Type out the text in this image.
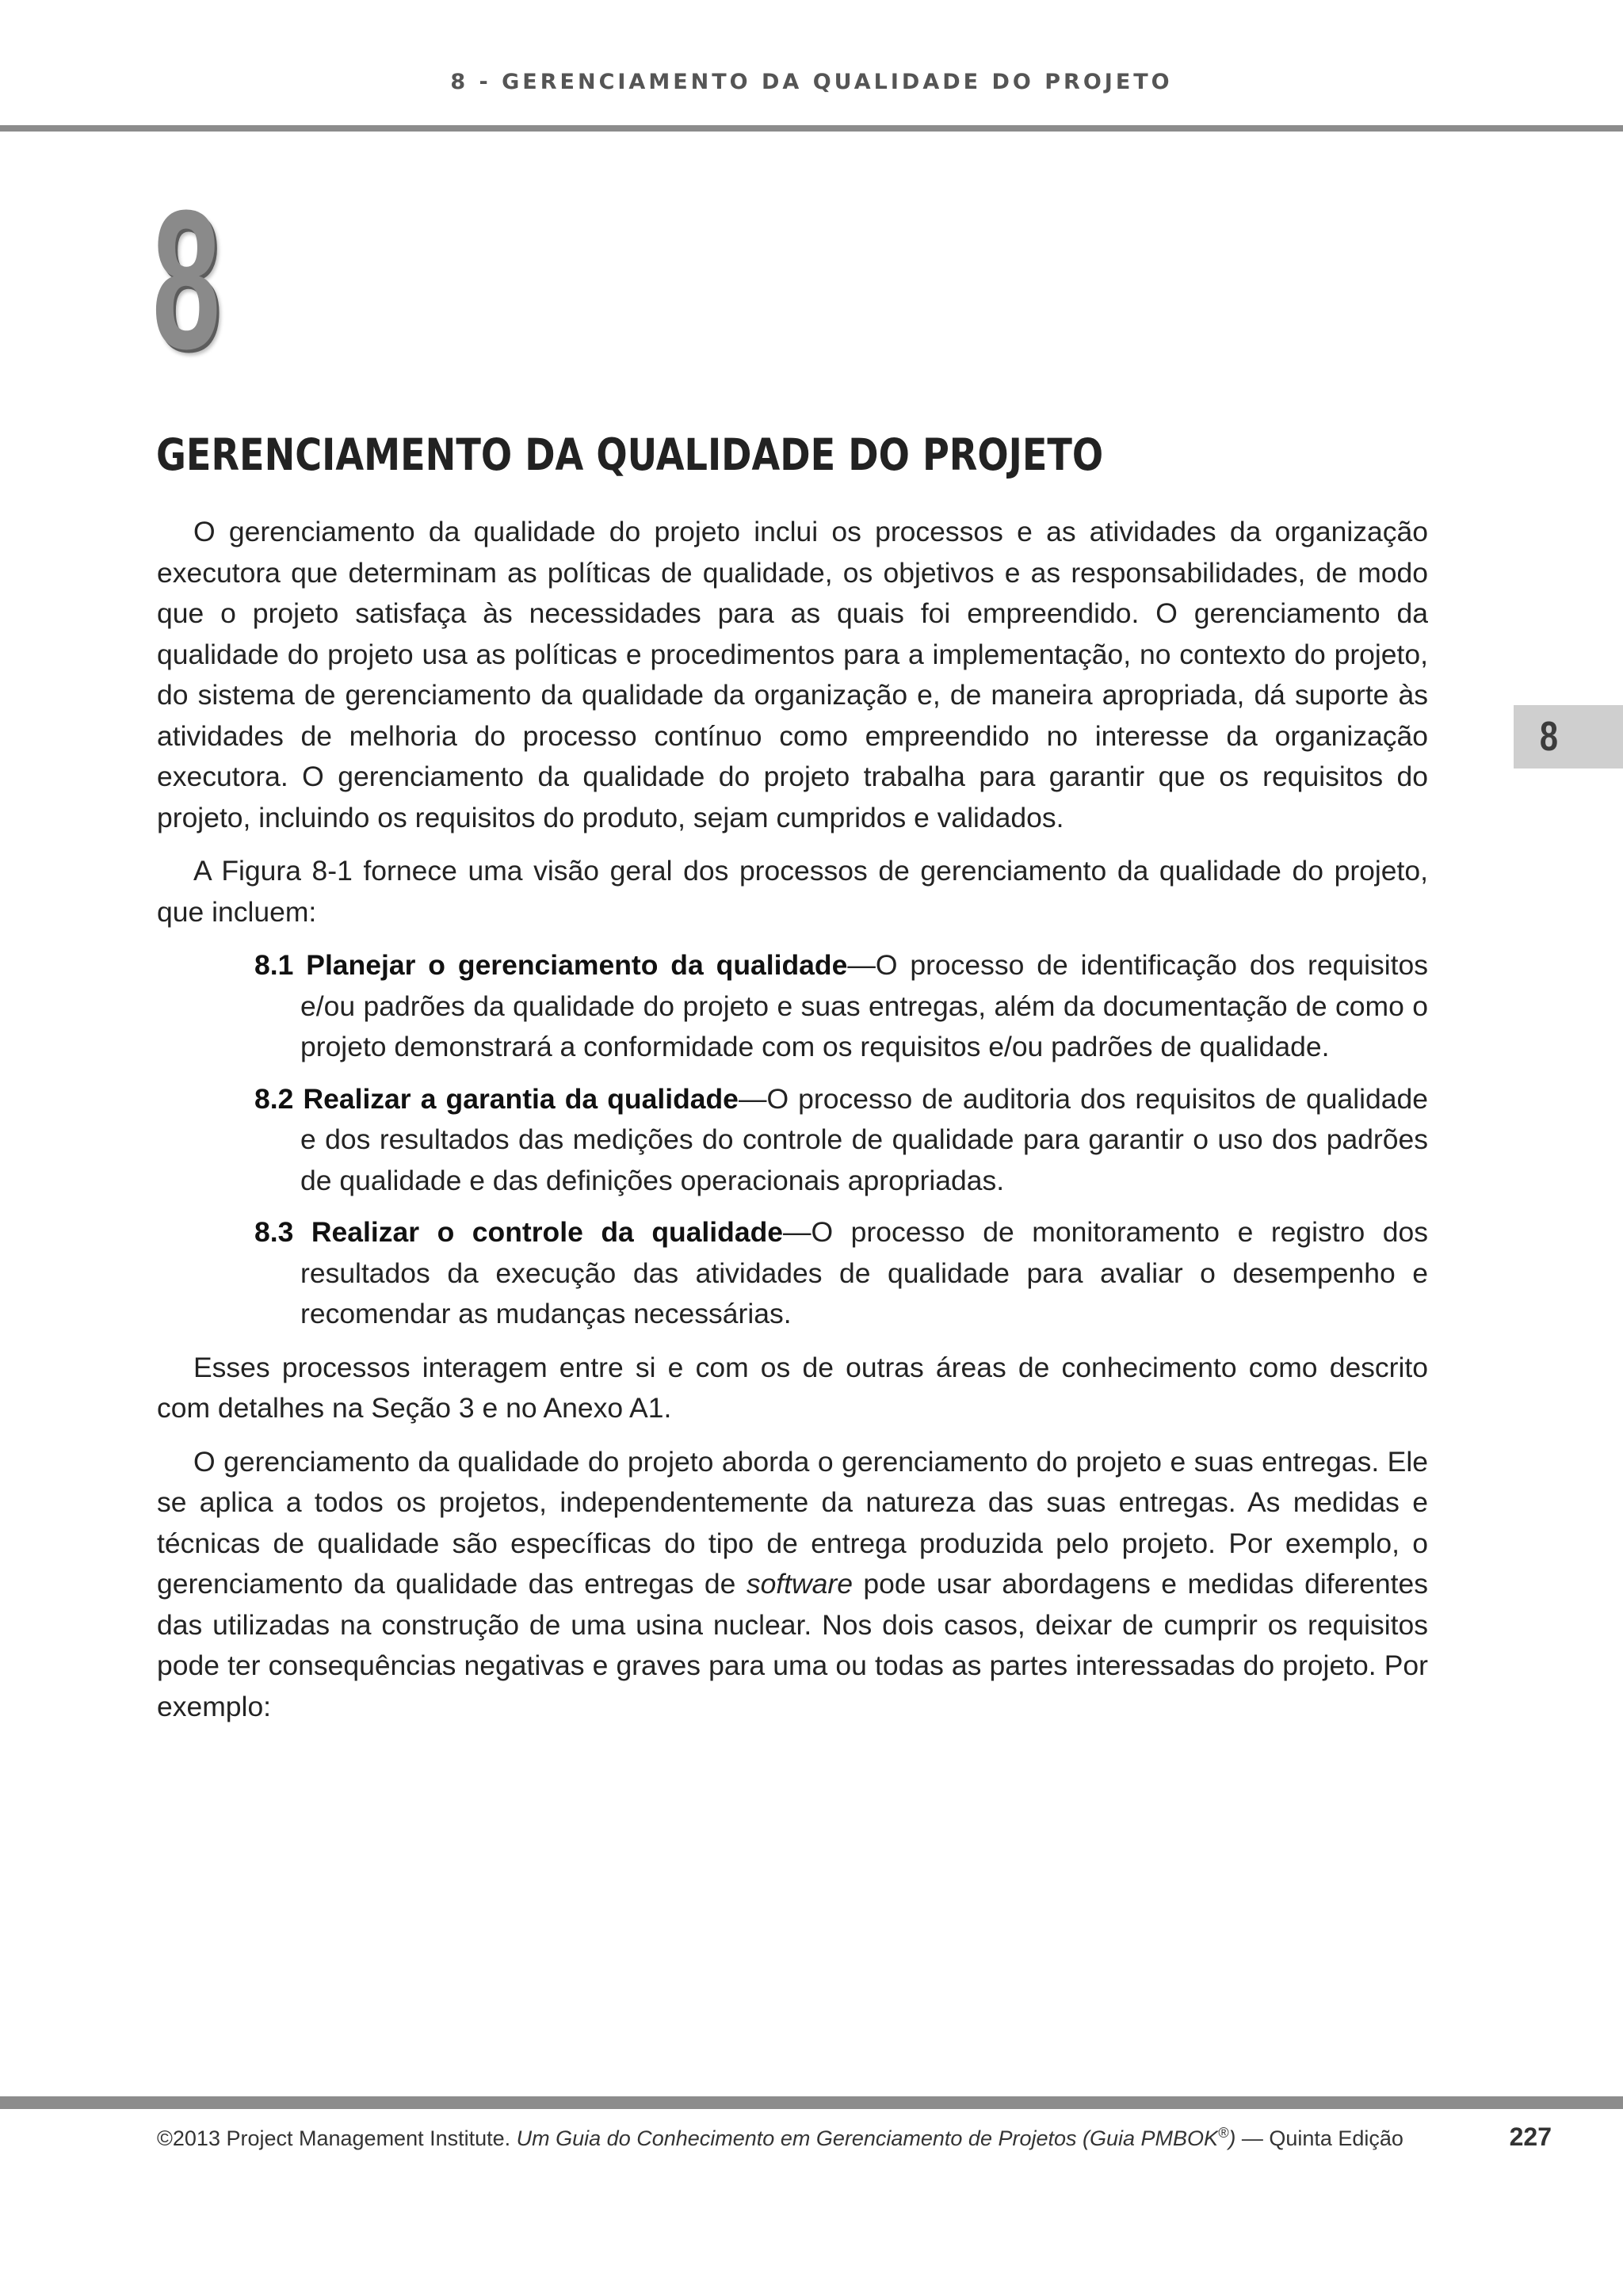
8 - GERENCIAMENTO DA QUALIDADE DO PROJETO
8
GERENCIAMENTO DA QUALIDADE DO PROJETO
8

O gerenciamento da qualidade do projeto inclui os processos e as atividades da organização executora que determinam as políticas de qualidade, os objetivos e as responsabilidades, de modo que o projeto satisfaça às necessidades para as quais foi empreendido. O gerenciamento da qualidade do projeto usa as políticas e procedimentos para a implementação, no contexto do projeto, do sistema de gerenciamento da qualidade da organização e, de maneira apropriada, dá suporte às atividades de melhoria do processo contínuo como empreendido no interesse da organização executora. O gerenciamento da qualidade do projeto trabalha para garantir que os requisitos do projeto, incluindo os requisitos do produto, sejam cumpridos e validados.

A Figura 8-1 fornece uma visão geral dos processos de gerenciamento da qualidade do projeto, que incluem:

8.1 Planejar o gerenciamento da qualidade—O processo de identificação dos requisitos e/ou padrões da qualidade do projeto e suas entregas, além da documentação de como o projeto demonstrará a conformidade com os requisitos e/ou padrões de qualidade.
8.2 Realizar a garantia da qualidade—O processo de auditoria dos requisitos de qualidade e dos resultados das medições do controle de qualidade para garantir o uso dos padrões de qualidade e das definições operacionais apropriadas.
8.3 Realizar o controle da qualidade—O processo de monitoramento e registro dos resultados da execução das atividades de qualidade para avaliar o desempenho e recomendar as mudanças necessárias.

Esses processos interagem entre si e com os de outras áreas de conhecimento como descrito com detalhes na Seção 3 e no Anexo A1.

O gerenciamento da qualidade do projeto aborda o gerenciamento do projeto e suas entregas. Ele se aplica a todos os projetos, independentemente da natureza das suas entregas. As medidas e técnicas de qualidade são específicas do tipo de entrega produzida pelo projeto. Por exemplo, o gerenciamento da qualidade das entregas de software pode usar abordagens e medidas diferentes das utilizadas na construção de uma usina nuclear. Nos dois casos, deixar de cumprir os requisitos pode ter consequências negativas e graves para uma ou todas as partes interessadas do projeto. Por exemplo:

©2013 Project Management Institute. Um Guia do Conhecimento em Gerenciamento de Projetos (Guia PMBOK®) — Quinta Edição	227
